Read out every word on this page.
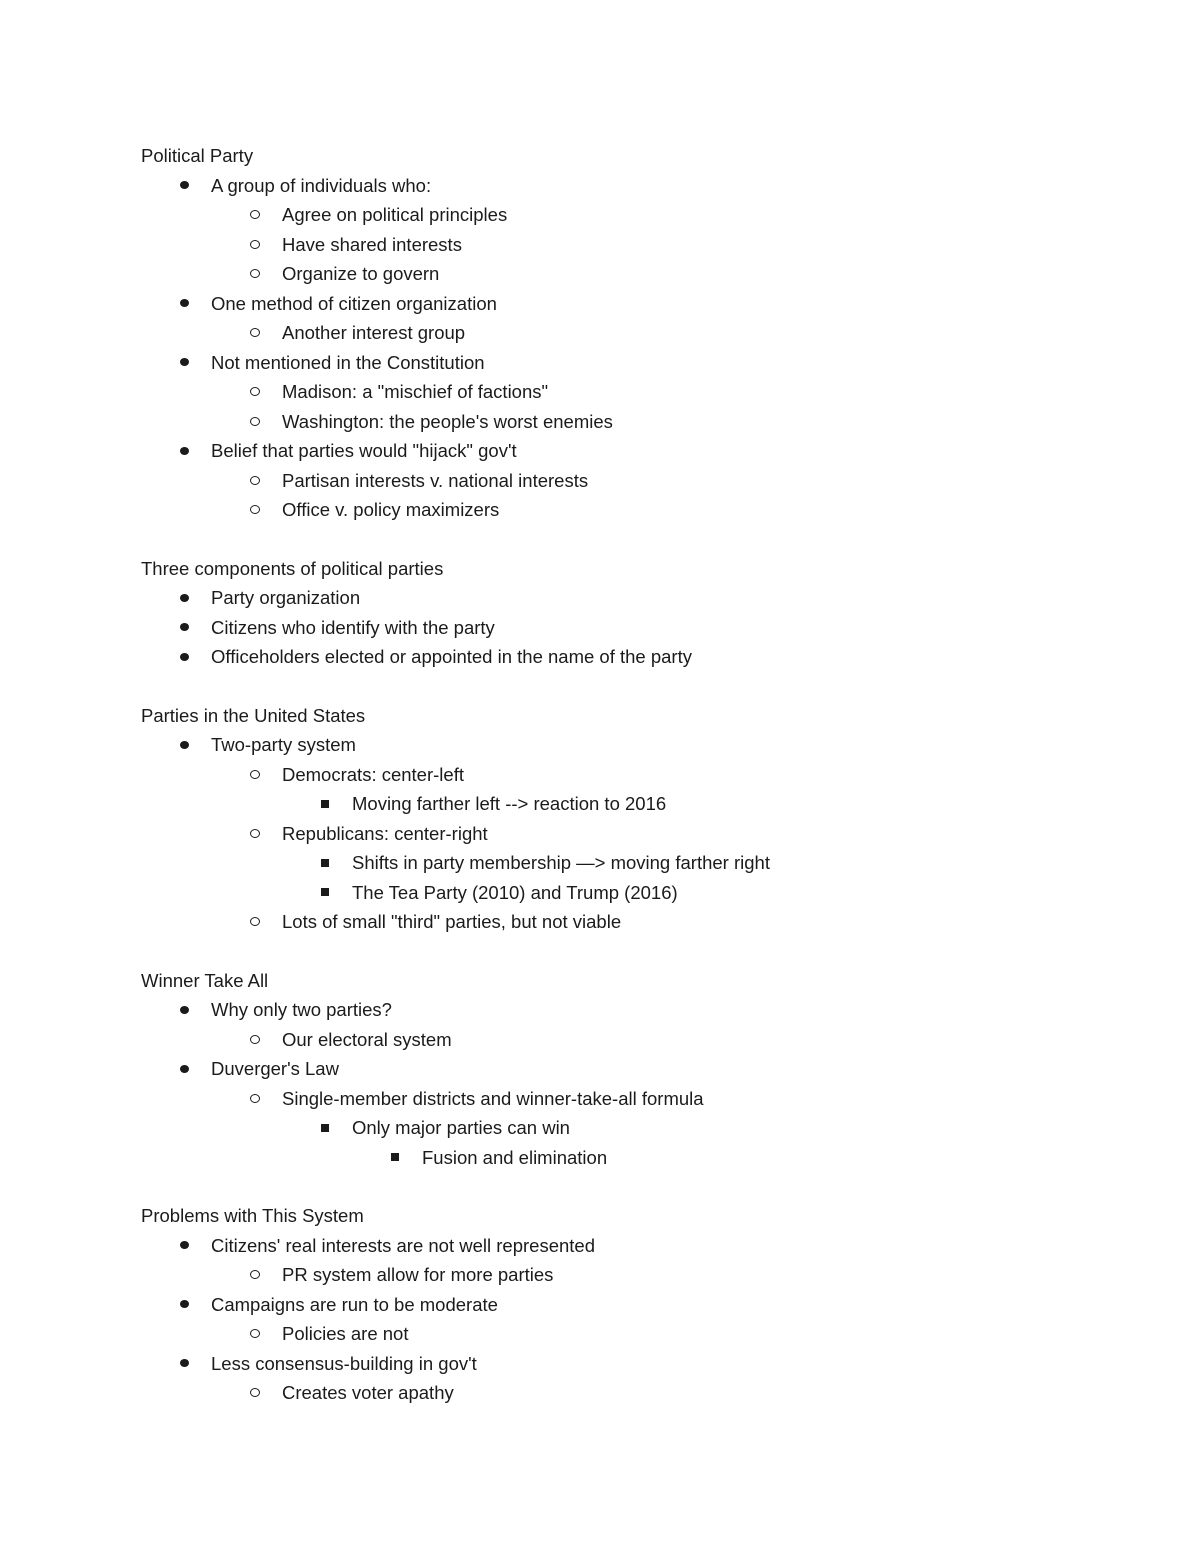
Political Party
A group of individuals who:
Agree on political principles
Have shared interests
Organize to govern
One method of citizen organization
Another interest group
Not mentioned in the Constitution
Madison: a "mischief of factions"
Washington: the people's worst enemies
Belief that parties would "hijack" gov't
Partisan interests v. national interests
Office v. policy maximizers
Three components of political parties
Party organization
Citizens who identify with the party
Officeholders elected or appointed in the name of the party
Parties in the United States
Two-party system
Democrats: center-left
Moving farther left --> reaction to 2016
Republicans: center-right
Shifts in party membership —> moving farther right
The Tea Party (2010) and Trump (2016)
Lots of small "third" parties, but not viable
Winner Take All
Why only two parties?
Our electoral system
Duverger's Law
Single-member districts and winner-take-all formula
Only major parties can win
Fusion and elimination
Problems with This System
Citizens' real interests are not well represented
PR system allow for more parties
Campaigns are run to be moderate
Policies are not
Less consensus-building in gov't
Creates voter apathy
